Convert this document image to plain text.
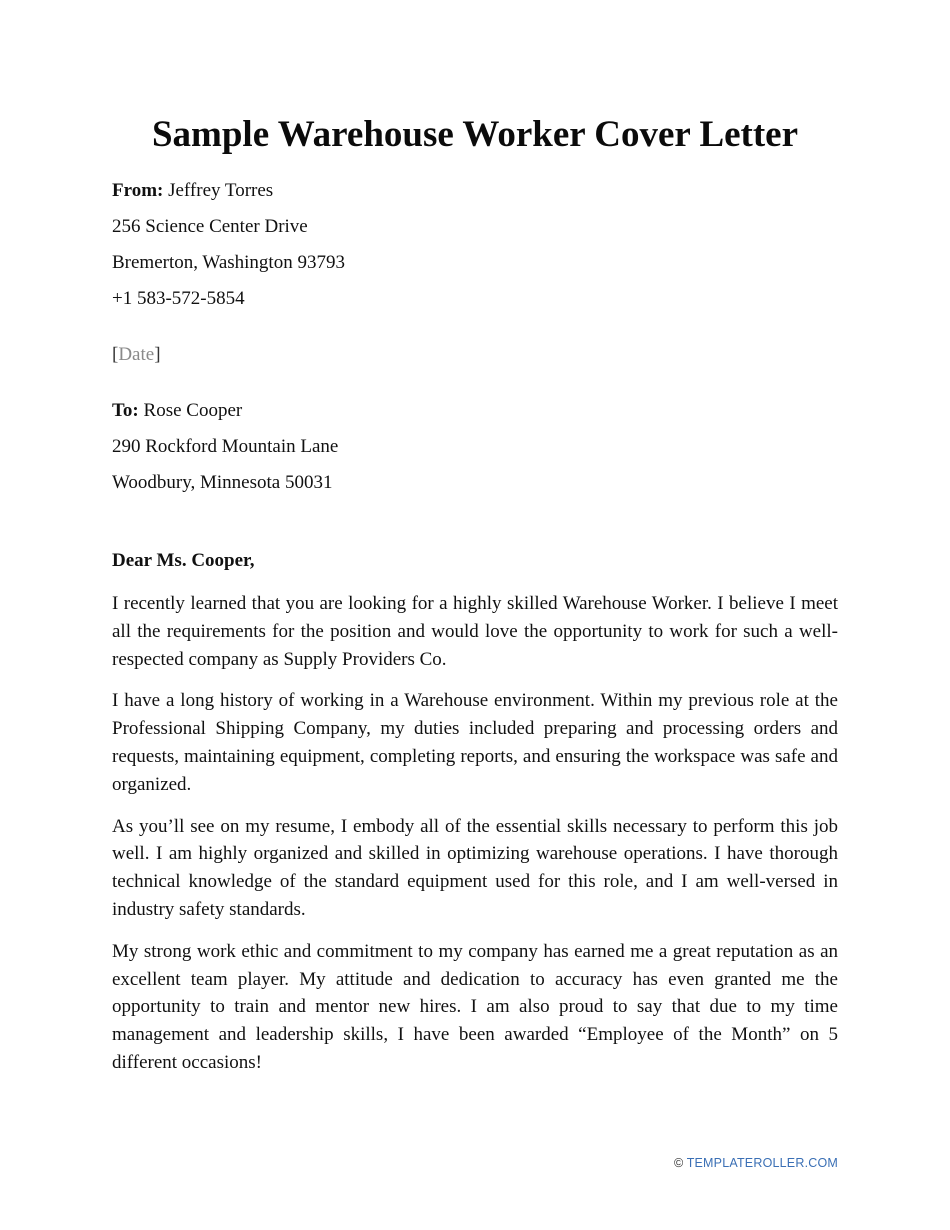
Sample Warehouse Worker Cover Letter
From: Jeffrey Torres
256 Science Center Drive
Bremerton, Washington 93793
+1 583-572-5854
[Date]
To: Rose Cooper
290 Rockford Mountain Lane
Woodbury, Minnesota 50031
Dear Ms. Cooper,

I recently learned that you are looking for a highly skilled Warehouse Worker. I believe I meet all the requirements for the position and would love the opportunity to work for such a well-respected company as Supply Providers Co.

I have a long history of working in a Warehouse environment. Within my previous role at the Professional Shipping Company, my duties included preparing and processing orders and requests, maintaining equipment, completing reports, and ensuring the workspace was safe and organized.

As you’ll see on my resume, I embody all of the essential skills necessary to perform this job well. I am highly organized and skilled in optimizing warehouse operations. I have thorough technical knowledge of the standard equipment used for this role, and I am well-versed in industry safety standards.

My strong work ethic and commitment to my company has earned me a great reputation as an excellent team player. My attitude and dedication to accuracy has even granted me the opportunity to train and mentor new hires. I am also proud to say that due to my time management and leadership skills, I have been awarded “Employee of the Month” on 5 different occasions!

© TEMPLATEROLLER.COM
